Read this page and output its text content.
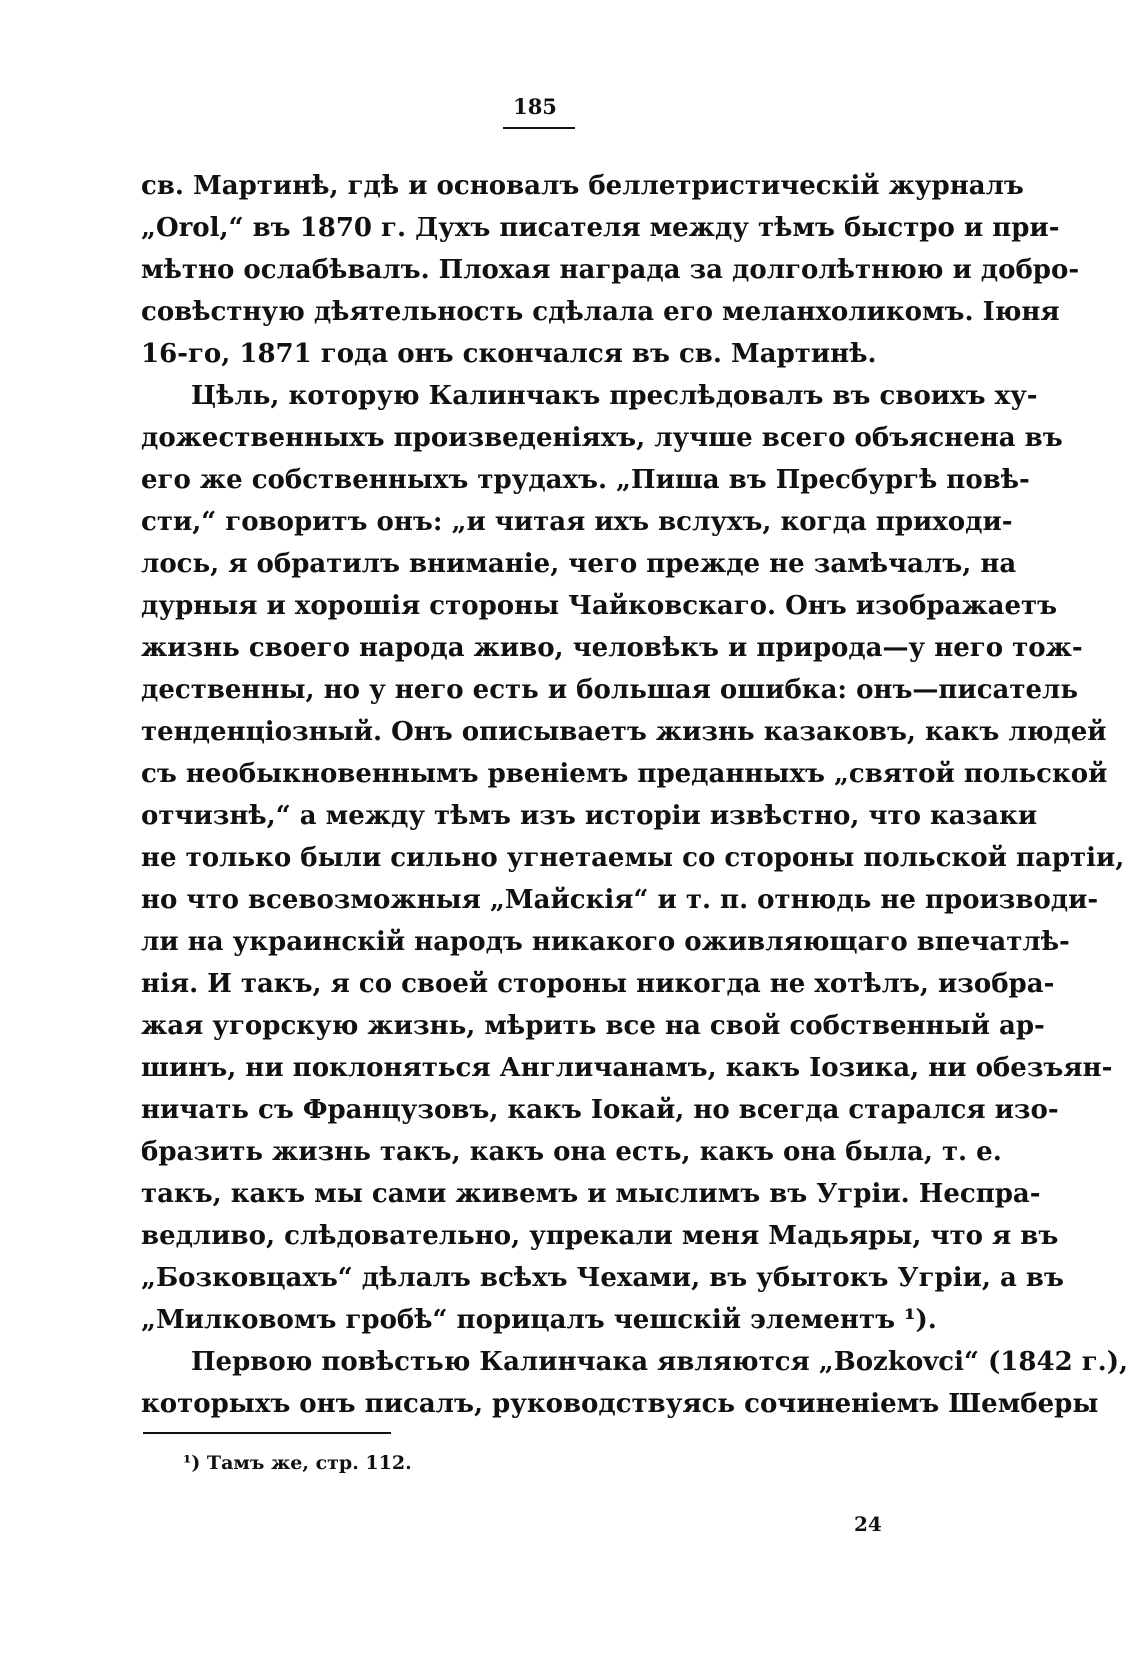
185
св. Мартинѣ, гдѣ и основалъ беллетристическій журналъ
„Orol,“ въ 1870 г. Духъ писателя между тѣмъ быстро и при-
мѣтно ослабѣвалъ. Плохая награда за долголѣтнюю и добро-
совѣстную дѣятельность сдѣлала его меланхоликомъ. Іюня
16-го, 1871 года онъ скончался въ св. Мартинѣ.
Цѣль, которую Калинчакъ преслѣдовалъ въ своихъ ху-
дожественныхъ произведеніяхъ, лучше всего объяснена въ
его же собственныхъ трудахъ. „Пиша въ Пресбургѣ повѣ-
сти,“ говоритъ онъ: „и читая ихъ вслухъ, когда приходи-
лось, я обратилъ вниманіе, чего прежде не замѣчалъ, на
дурныя и хорошія стороны Чайковскаго. Онъ изображаетъ
жизнь своего народа живо, человѣкъ и природа—у него тож-
дественны, но у него есть и большая ошибка: онъ—писатель
тенденціозный. Онъ описываетъ жизнь казаковъ, какъ людей
съ необыкновеннымъ рвеніемъ преданныхъ „святой польской
отчизнѣ,“ а между тѣмъ изъ исторіи извѣстно, что казаки
не только были сильно угнетаемы со стороны польской партіи,
но что всевозможныя „Майскія“ и т. п. отнюдь не производи-
ли на украинскій народъ никакого оживляющаго впечатлѣ-
нія. И такъ, я со своей стороны никогда не хотѣлъ, изобра-
жая угорскую жизнь, мѣрить все на свой собственный ар-
шинъ, ни поклоняться Англичанамъ, какъ Іозика, ни обезъян-
ничать съ Французовъ, какъ Іокай, но всегда старался изо-
бразить жизнь такъ, какъ она есть, какъ она была, т. е.
такъ, какъ мы сами живемъ и мыслимъ въ Угріи. Неспра-
ведливо, слѣдовательно, упрекали меня Мадьяры, что я въ
„Бозковцахъ“ дѣлалъ всѣхъ Чехами, въ убытокъ Угріи, а въ
„Милковомъ гробѣ“ порицалъ чешскій элементъ ¹).
Первою повѣстью Калинчака являются „Bozkovci“ (1842 г.),
которыхъ онъ писалъ, руководствуясь сочиненіемъ Шемберы
¹) Тамъ же, стр. 112.
24
